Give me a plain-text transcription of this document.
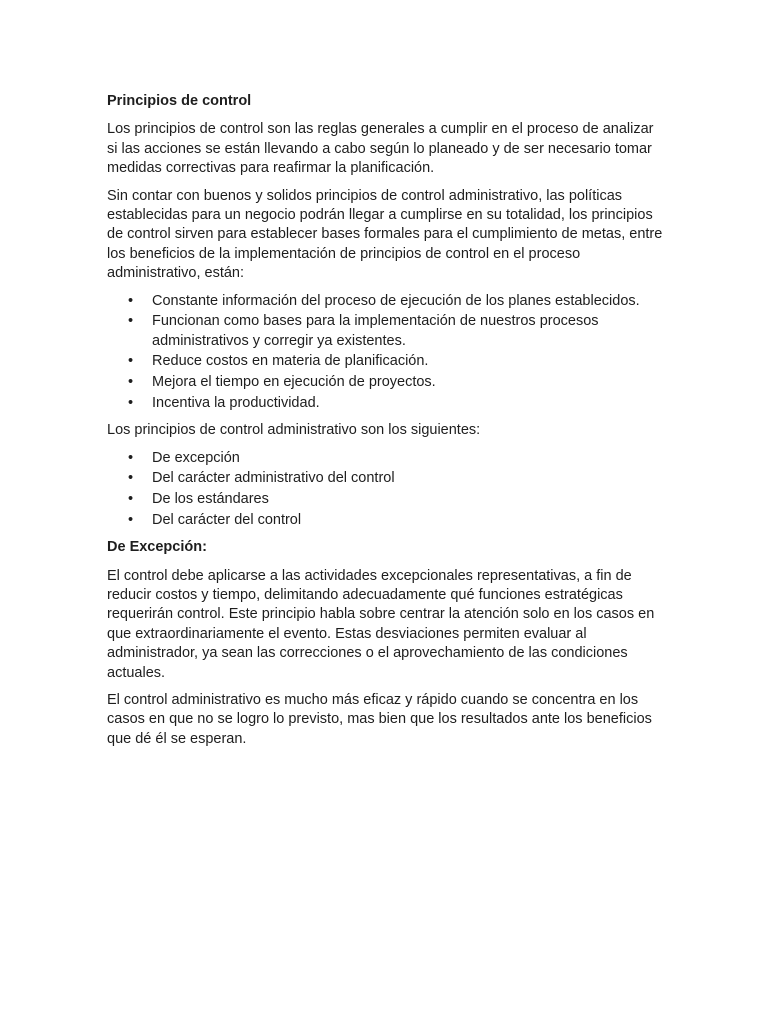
Principios de control

Los principios de control son las reglas generales a cumplir en el proceso de analizar si las acciones se están llevando a cabo según lo planeado y de ser necesario tomar medidas correctivas para reafirmar la planificación.

Sin contar con buenos y solidos principios de control administrativo, las políticas establecidas para un negocio podrán llegar a cumplirse en su totalidad, los principios de control sirven para establecer bases formales para el cumplimiento de metas, entre los beneficios de la implementación de principios de control en el proceso administrativo, están:

• Constante información del proceso de ejecución de los planes establecidos.
• Funcionan como bases para la implementación de nuestros procesos administrativos y corregir ya existentes.
• Reduce costos en materia de planificación.
• Mejora el tiempo en ejecución de proyectos.
• Incentiva la productividad.

Los principios de control administrativo son los siguientes:

• De excepción
• Del carácter administrativo del control
• De los estándares
• Del carácter del control
De Excepción:

El control debe aplicarse a las actividades excepcionales representativas, a fin de reducir costos y tiempo, delimitando adecuadamente qué funciones estratégicas requerirán control. Este principio habla sobre centrar la atención solo en los casos en que extraordinariamente el evento. Estas desviaciones permiten evaluar al administrador, ya sean las correcciones o el aprovechamiento de las condiciones actuales.

El control administrativo es mucho más eficaz y rápido cuando se concentra en los casos en que no se logro lo previsto, mas bien que los resultados ante los beneficios que dé él se esperan.
